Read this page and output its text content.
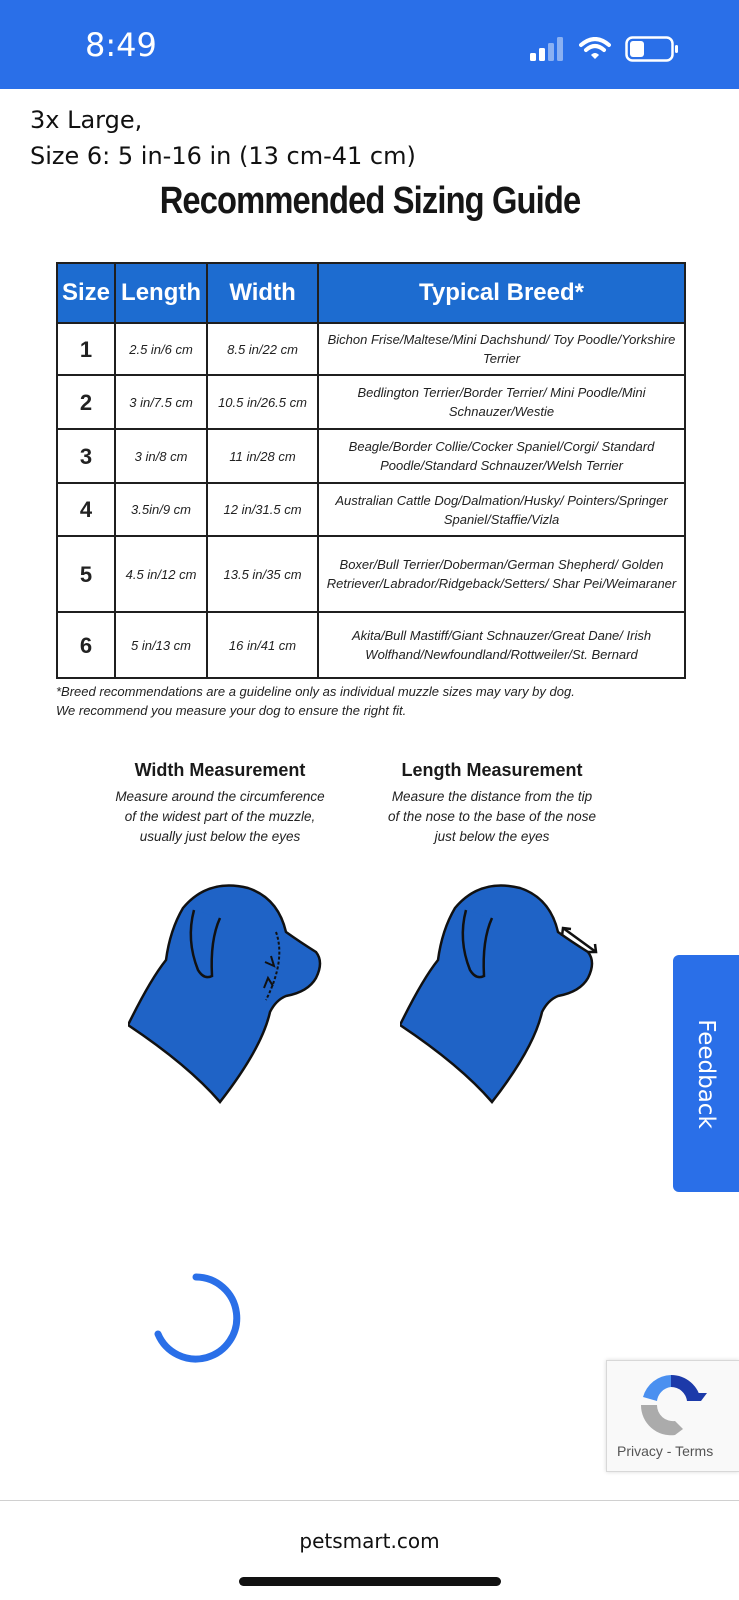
8:49
3x Large,
Size 6: 5 in-16 in (13 cm-41 cm)
Recommended Sizing Guide
Size	Length	Width	Typical Breed*
1	2.5 in/6 cm	8.5 in/22 cm	Bichon Frise/Maltese/Mini Dachshund/ Toy Poodle/Yorkshire Terrier
2	3 in/7.5 cm	10.5 in/26.5 cm	Bedlington Terrier/Border Terrier/ Mini Poodle/Mini Schnauzer/Westie
3	3 in/8 cm	11 in/28 cm	Beagle/Border Collie/Cocker Spaniel/Corgi/ Standard Poodle/Standard Schnauzer/Welsh Terrier
4	3.5in/9 cm	12 in/31.5 cm	Australian Cattle Dog/Dalmation/Husky/ Pointers/Springer Spaniel/Staffie/Vizla
5	4.5 in/12 cm	13.5 in/35 cm	Boxer/Bull Terrier/Doberman/German Shepherd/ Golden Retriever/Labrador/Ridgeback/Setters/ Shar Pei/Weimaraner
6	5 in/13 cm	16 in/41 cm	Akita/Bull Mastiff/Giant Schnauzer/Great Dane/ Irish Wolfhand/Newfoundland/Rottweiler/St. Bernard
*Breed recommendations are a guideline only as individual muzzle sizes may vary by dog.
We recommend you measure your dog to ensure the right fit.
Width Measurement

Measure around the circumference

of the widest part of the muzzle,

usually just below the eyes

Length Measurement

Measure the distance from the tip

of the nose to the base of the nose

just below the eyes

Feedback
Privacy - Terms
petsmart.com
